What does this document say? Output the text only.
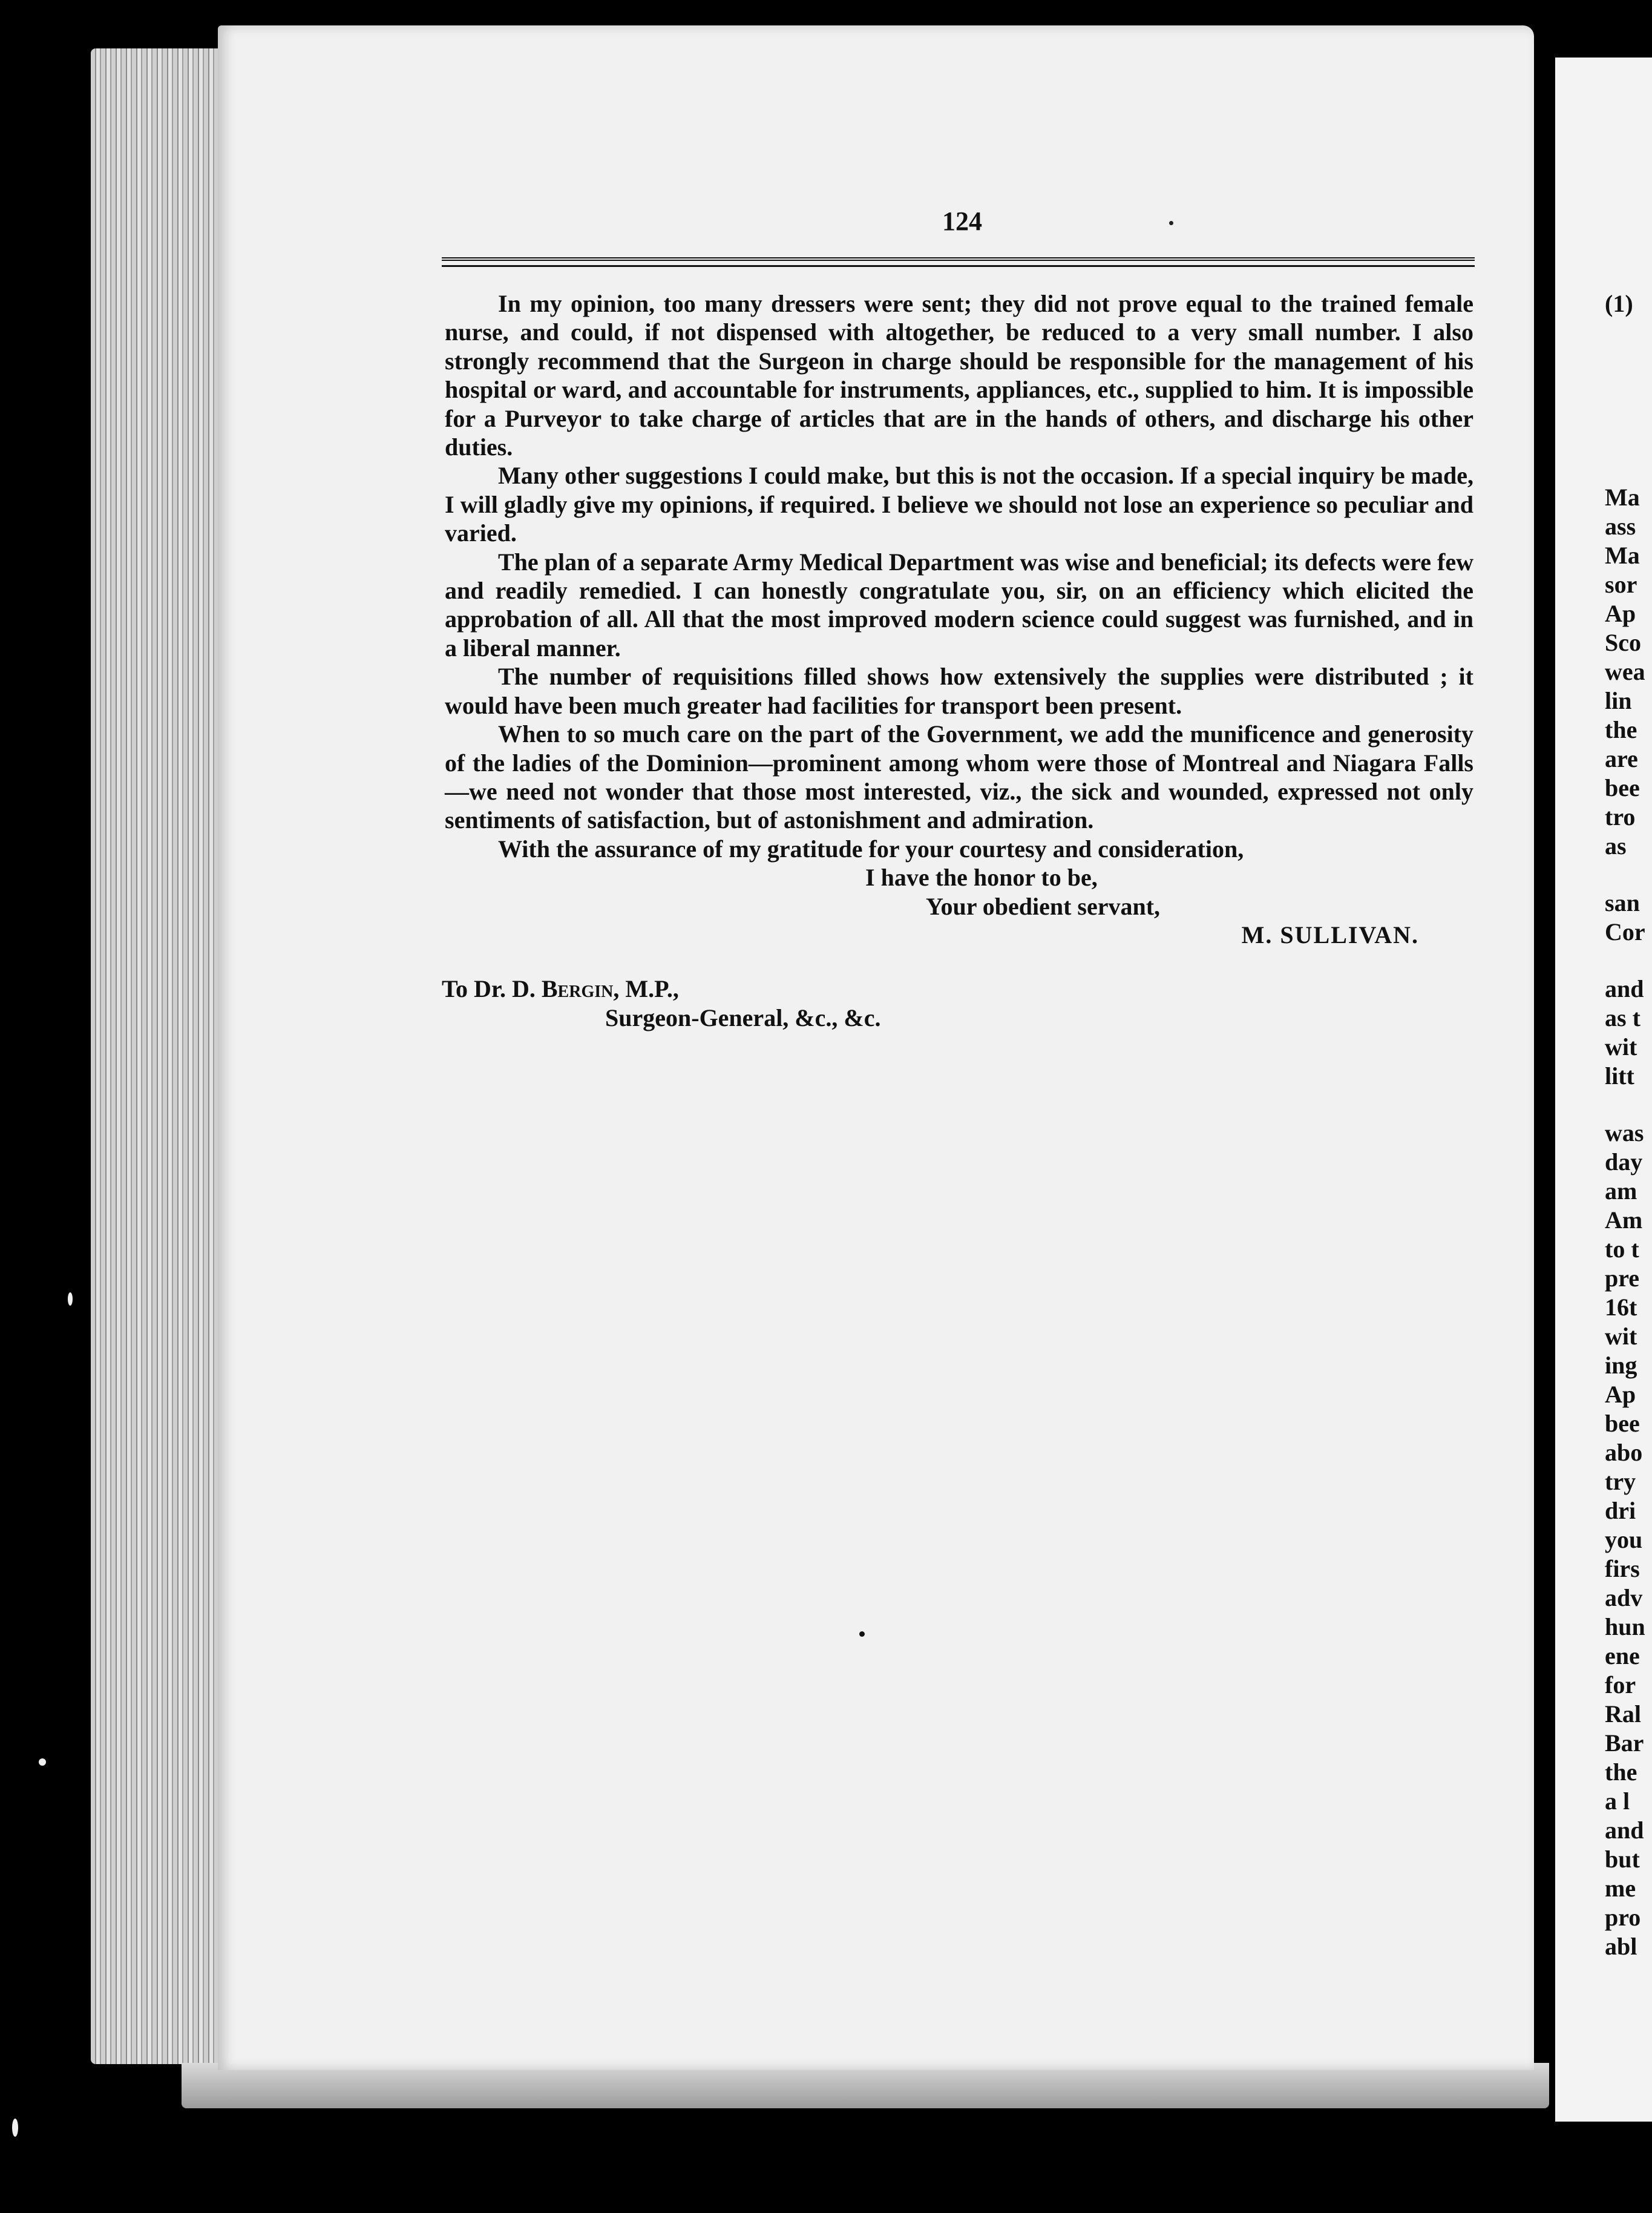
124

In my opinion, too many dressers were sent; they did not prove equal to the trained female nurse, and could, if not dispensed with altogether, be reduced to a very small number. I also strongly recommend that the Surgeon in charge should be responsible for the management of his hospital or ward, and accountable for instruments, appliances, etc., supplied to him. It is impossible for a Purveyor to take charge of articles that are in the hands of others, and discharge his other duties.

Many other suggestions I could make, but this is not the occasion. If a special inquiry be made, I will gladly give my opinions, if required. I believe we should not lose an experience so peculiar and varied.

The plan of a separate Army Medical Department was wise and beneficial; its defects were few and readily remedied. I can honestly congratulate you, sir, on an efficiency which elicited the approbation of all. All that the most improved modern science could suggest was furnished, and in a liberal manner.

The number of requisitions filled shows how extensively the supplies were distributed ; it would have been much greater had facilities for transport been present.

When to so much care on the part of the Government, we add the munificence and generosity of the ladies of the Dominion—prominent among whom were those of Montreal and Niagara Falls—we need not wonder that those most interested, viz., the sick and wounded, expressed not only sentiments of satisfaction, but of astonishment and admiration.

With the assurance of my gratitude for your courtesy and consideration,

I have the honor to be,

Your obedient servant,

M. SULLIVAN.

To Dr. D. Bergin, M.P.,
Surgeon-General, &c., &c.
(1)
Ma
ass
Ma
sor
Ap
Sco
wea
lin
the
are
bee
tro
as
san
Cor
and
as t
wit
litt
was
day
am
Am
to t
pre
16t
wit
ing
Ap
bee
abo
try
dri
you
firs
adv
hun
ene
for
Ral
Bar
the
a l
and
but
me
pro
abl
